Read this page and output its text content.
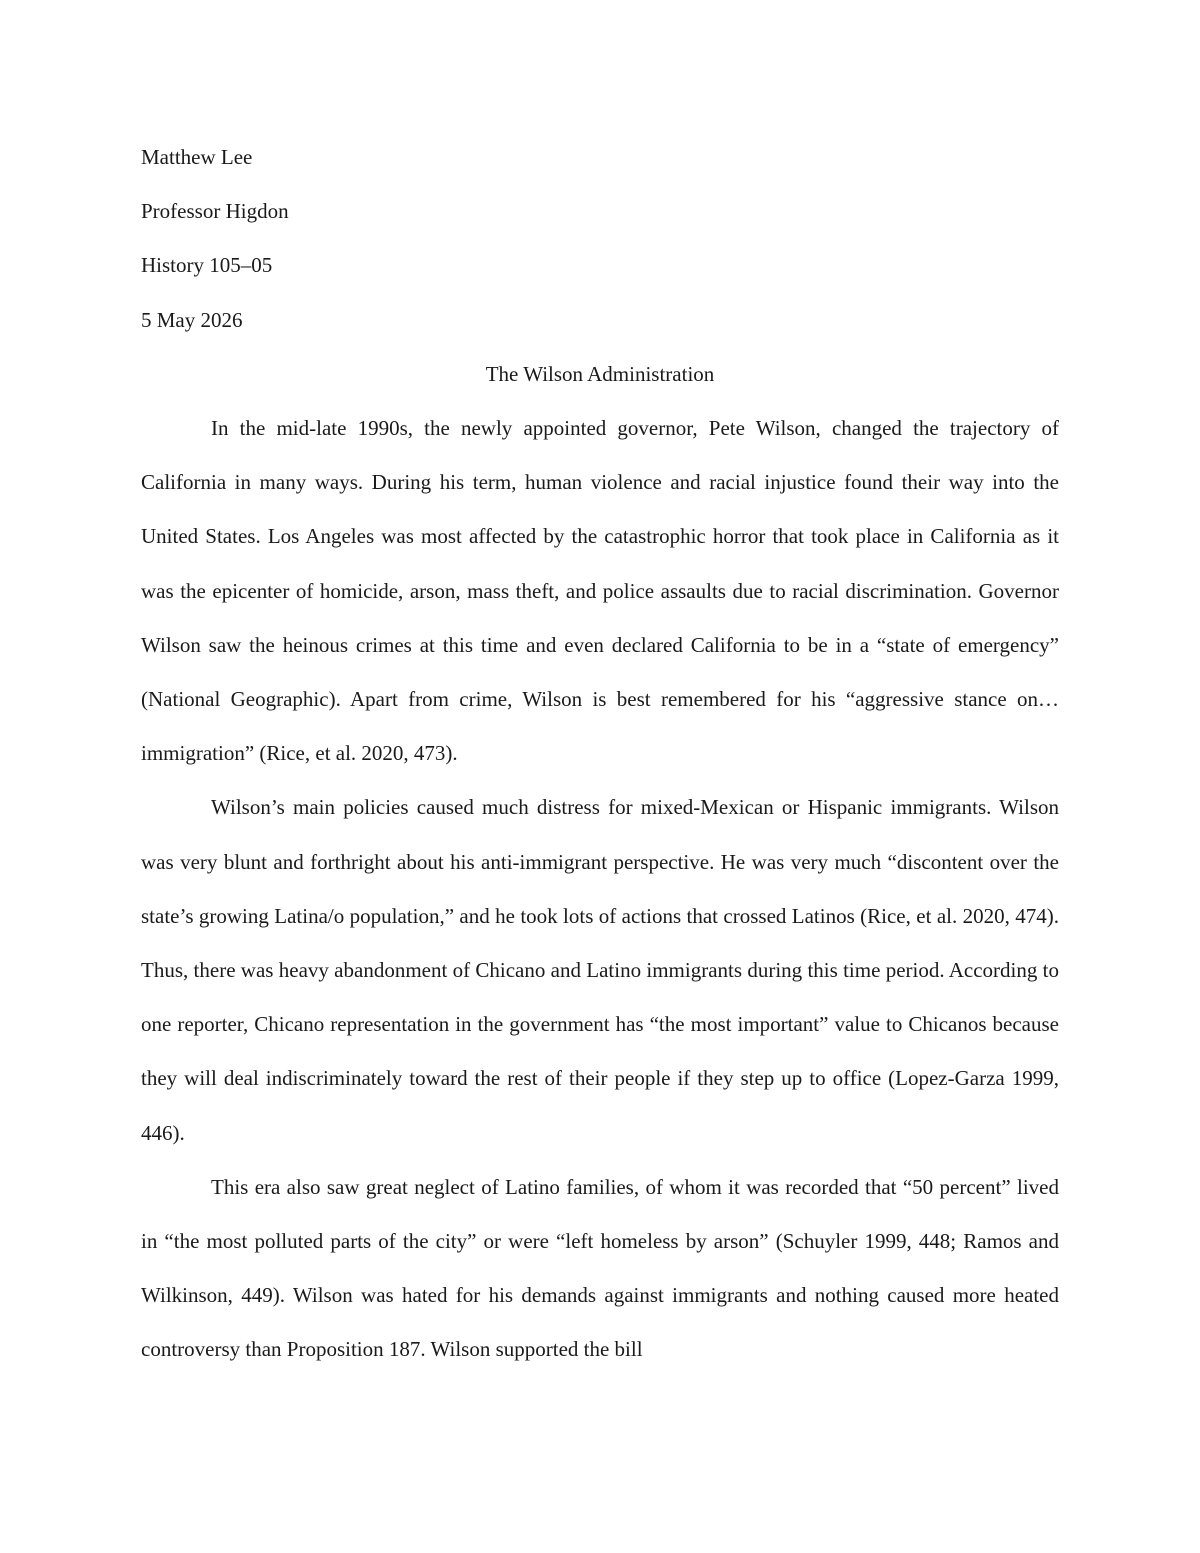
Matthew Lee

Professor Higdon

History 105–05

5 May 2026

The Wilson Administration

In the mid-late 1990s, the newly appointed governor, Pete Wilson, changed the trajectory of California in many ways. During his term, human violence and racial injustice found their way into the United States. Los Angeles was most affected by the catastrophic horror that took place in California as it was the epicenter of homicide, arson, mass theft, and police assaults due to racial discrimination. Governor Wilson saw the heinous crimes at this time and even declared California to be in a “state of emergency” (National Geographic). Apart from crime, Wilson is best remembered for his “aggressive stance on…immigration” (Rice, et al. 2020, 473).

Wilson’s main policies caused much distress for mixed-Mexican or Hispanic immigrants. Wilson was very blunt and forthright about his anti-immigrant perspective. He was very much “discontent over the state’s growing Latina/o population,” and he took lots of actions that crossed Latinos (Rice, et al. 2020, 474). Thus, there was heavy abandonment of Chicano and Latino immigrants during this time period. According to one reporter, Chicano representation in the government has “the most important” value to Chicanos because they will deal indiscriminately toward the rest of their people if they step up to office (Lopez-Garza 1999, 446).

This era also saw great neglect of Latino families, of whom it was recorded that “50 percent” lived in “the most polluted parts of the city” or were “left homeless by arson” (Schuyler 1999, 448; Ramos and Wilkinson, 449). Wilson was hated for his demands against immigrants and nothing caused more heated controversy than Proposition 187. Wilson supported the bill
